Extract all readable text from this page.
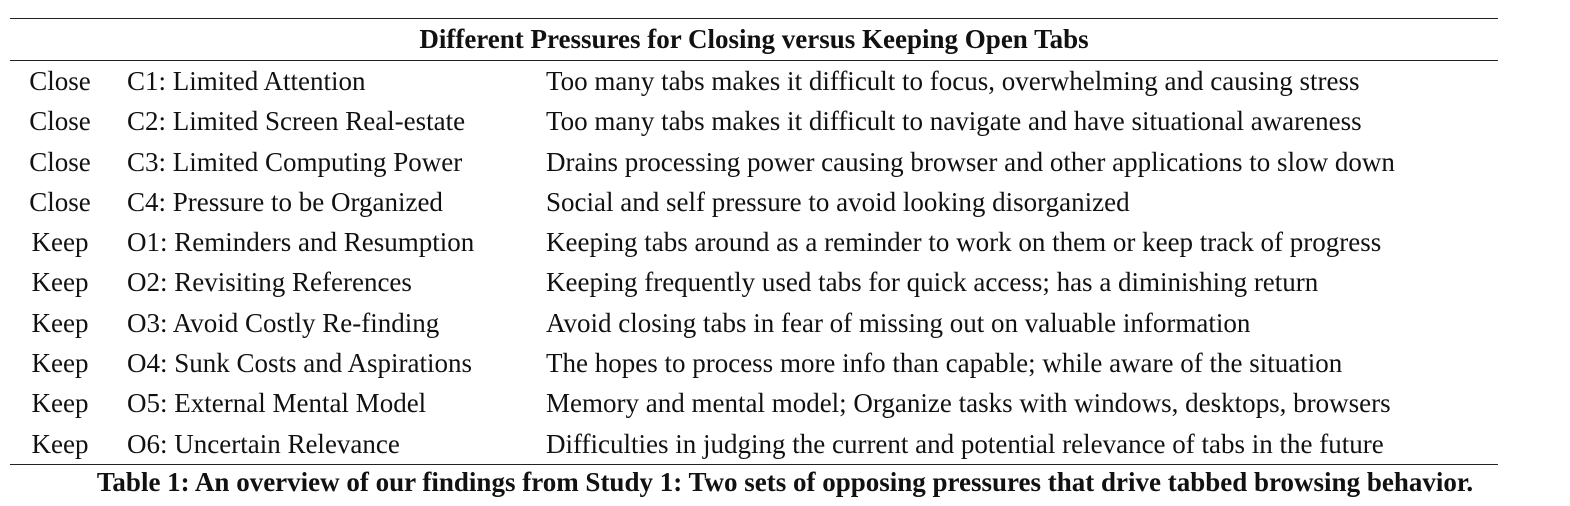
Different Pressures for Closing versus Keeping Open Tabs
Close	C1: Limited Attention	Too many tabs makes it difficult to focus, overwhelming and causing stress
Close	C2: Limited Screen Real-estate	Too many tabs makes it difficult to navigate and have situational awareness
Close	C3: Limited Computing Power	Drains processing power causing browser and other applications to slow down
Close	C4: Pressure to be Organized	Social and self pressure to avoid looking disorganized
Keep	O1: Reminders and Resumption	Keeping tabs around as a reminder to work on them or keep track of progress
Keep	O2: Revisiting References	Keeping frequently used tabs for quick access; has a diminishing return
Keep	O3: Avoid Costly Re-finding	Avoid closing tabs in fear of missing out on valuable information
Keep	O4: Sunk Costs and Aspirations	The hopes to process more info than capable; while aware of the situation
Keep	O5: External Mental Model	Memory and mental model; Organize tasks with windows, desktops, browsers
Keep	O6: Uncertain Relevance	Difficulties in judging the current and potential relevance of tabs in the future
Table 1: An overview of our findings from Study 1: Two sets of opposing pressures that drive tabbed browsing behavior.
